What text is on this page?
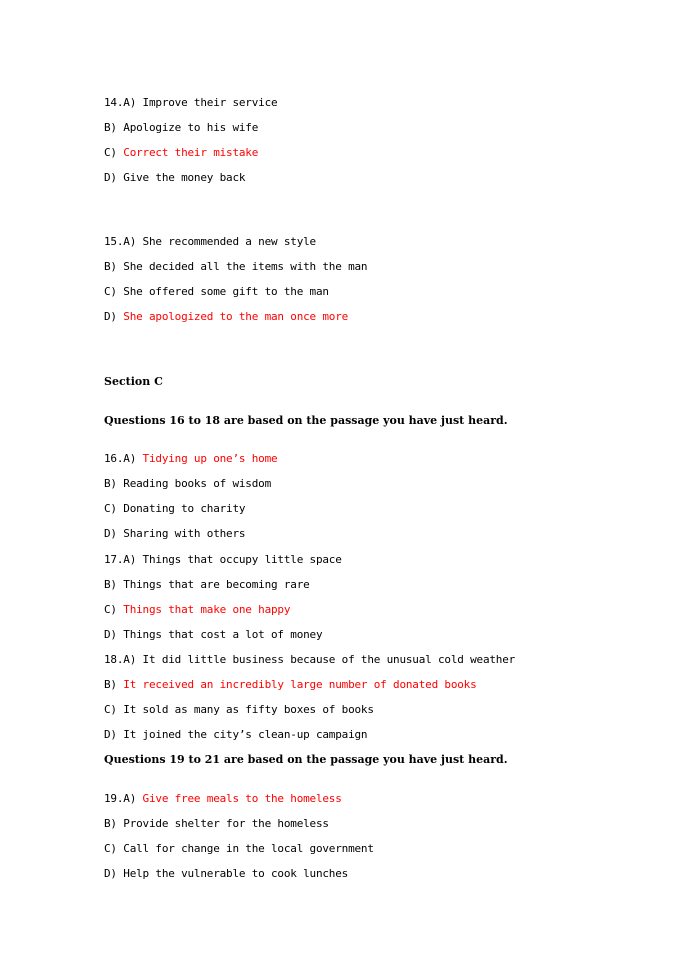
14.A) Improve their service
B) Apologize to his wife
C) Correct their mistake
D) Give the money back
15.A) She recommended a new style
B) She decided all the items with the man
C) She offered some gift to the man
D) She apologized to the man once more
Section C
Questions 16 to 18 are based on the passage you have just heard.
16.A) Tidying up one’s home
B) Reading books of wisdom
C) Donating to charity
D) Sharing with others
17.A) Things that occupy little space
B) Things that are becoming rare
C) Things that make one happy
D) Things that cost a lot of money
18.A) It did little business because of the unusual cold weather
B) It received an incredibly large number of donated books
C) It sold as many as fifty boxes of books
D) It joined the city’s clean-up campaign
Questions 19 to 21 are based on the passage you have just heard.
19.A) Give free meals to the homeless
B) Provide shelter for the homeless
C) Call for change in the local government
D) Help the vulnerable to cook lunches
